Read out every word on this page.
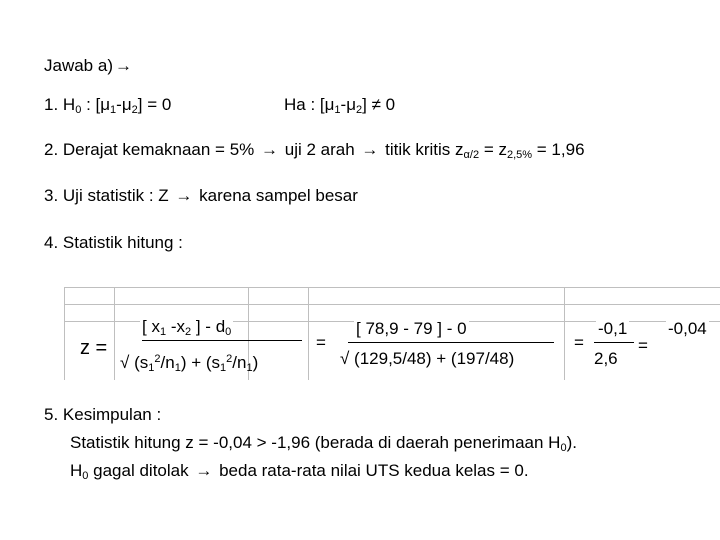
Jawab a) →
1. $H_0$ : $[\mu_1-\mu_2] = 0$	Ha : $[\mu_1-\mu_2] \ne 0$
2. Derajat kemaknaan = 5% → uji 2 arah → titik kritis $z_{\alpha/2} = z_{2,5\%} = 1,96$
3. Uji statistik : Z → karena sampel besar
4. Statistik hitung :
z =
[ $x_1$ $-x_2$ ] - $d_0$
√ $(s_1^2/n_1) + (s_1^2/n_1)$
=
[ 78,9 - 79 ] - 0
√ (129,5/48) + (197/48)
=
-0,1
2,6
=
-0,04
5. Kesimpulan :
Statistik hitung z = -0,04 > -1,96 (berada di daerah penerimaan $H_0$).
$H_0$ gagal ditolak → beda rata-rata nilai UTS kedua kelas = 0.
